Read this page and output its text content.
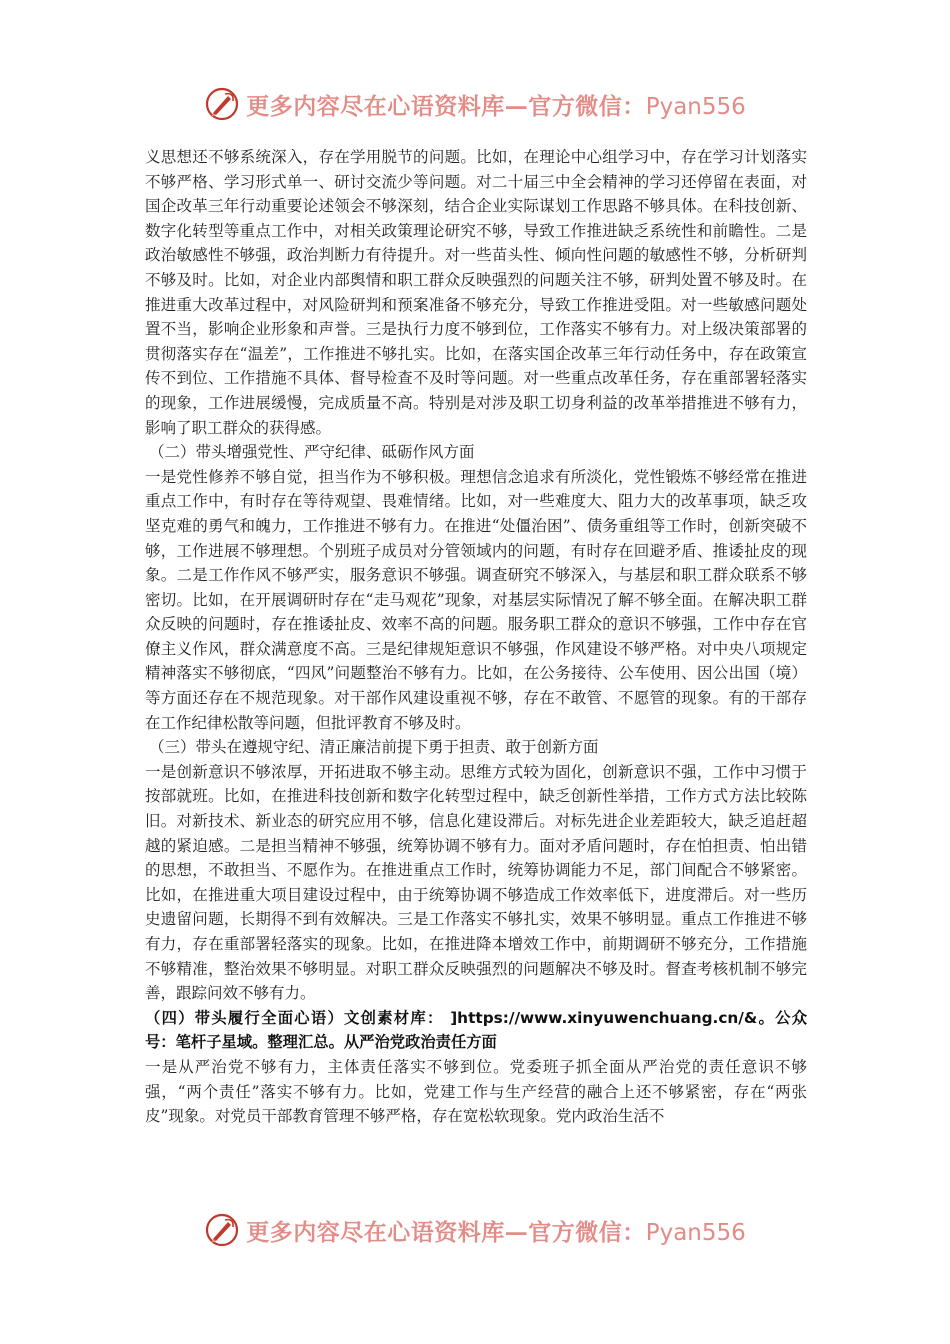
更多内容尽在心语资料库—官方微信：Pyan556

义思想还不够系统深入，存在学用脱节的问题。比如，在理论中心组学习中，存在学习计划落实不够严格、学习形式单一、研讨交流少等问题。对二十届三中全会精神的学习还停留在表面，对国企改革三年行动重要论述领会不够深刻，结合企业实际谋划工作思路不够具体。在科技创新、数字化转型等重点工作中，对相关政策理论研究不够，导致工作推进缺乏系统性和前瞻性。二是政治敏感性不够强，政治判断力有待提升。对一些苗头性、倾向性问题的敏感性不够，分析研判不够及时。比如，对企业内部舆情和职工群众反映强烈的问题关注不够，研判处置不够及时。在推进重大改革过程中，对风险研判和预案准备不够充分，导致工作推进受阻。对一些敏感问题处置不当，影响企业形象和声誉。三是执行力度不够到位，工作落实不够有力。对上级决策部署的贯彻落实存在“温差”，工作推进不够扎实。比如，在落实国企改革三年行动任务中，存在政策宣传不到位、工作措施不具体、督导检查不及时等问题。对一些重点改革任务，存在重部署轻落实的现象，工作进展缓慢，完成质量不高。特别是对涉及职工切身利益的改革举措推进不够有力，影响了职工群众的获得感。

（二）带头增强党性、严守纪律、砥砺作风方面

一是党性修养不够自觉，担当作为不够积极。理想信念追求有所淡化，党性锻炼不够经常在推进重点工作中，有时存在等待观望、畏难情绪。比如，对一些难度大、阻力大的改革事项，缺乏攻坚克难的勇气和魄力，工作推进不够有力。在推进“处僵治困”、债务重组等工作时，创新突破不够，工作进展不够理想。个别班子成员对分管领域内的问题，有时存在回避矛盾、推诿扯皮的现象。二是工作作风不够严实，服务意识不够强。调查研究不够深入，与基层和职工群众联系不够密切。比如，在开展调研时存在“走马观花”现象，对基层实际情况了解不够全面。在解决职工群众反映的问题时，存在推诿扯皮、效率不高的问题。服务职工群众的意识不够强，工作中存在官僚主义作风，群众满意度不高。三是纪律规矩意识不够强，作风建设不够严格。对中央八项规定精神落实不够彻底，“四风”问题整治不够有力。比如，在公务接待、公车使用、因公出国（境）等方面还存在不规范现象。对干部作风建设重视不够，存在不敢管、不愿管的现象。有的干部存在工作纪律松散等问题，但批评教育不够及时。

（三）带头在遵规守纪、清正廉洁前提下勇于担责、敢于创新方面

一是创新意识不够浓厚，开拓进取不够主动。思维方式较为固化，创新意识不强，工作中习惯于按部就班。比如，在推进科技创新和数字化转型过程中，缺乏创新性举措，工作方式方法比较陈旧。对新技术、新业态的研究应用不够，信息化建设滞后。对标先进企业差距较大，缺乏追赶超越的紧迫感。二是担当精神不够强，统筹协调不够有力。面对矛盾问题时，存在怕担责、怕出错的思想，不敢担当、不愿作为。在推进重点工作时，统筹协调能力不足，部门间配合不够紧密。比如，在推进重大项目建设过程中，由于统筹协调不够造成工作效率低下，进度滞后。对一些历史遗留问题，长期得不到有效解决。三是工作落实不够扎实，效果不够明显。重点工作推进不够有力，存在重部署轻落实的现象。比如，在推进降本增效工作中，前期调研不够充分，工作措施不够精准，整治效果不够明显。对职工群众反映强烈的问题解决不够及时。督查考核机制不够完善，跟踪问效不够有力。

（四）带头履行全面心语）文创素材库： ]https://www.xinyuwenchuang.cn/&。公众号：笔杆子星域。整理汇总。从严治党政治责任方面

一是从严治党不够有力，主体责任落实不够到位。党委班子抓全面从严治党的责任意识不够强，“两个责任”落实不够有力。比如，党建工作与生产经营的融合上还不够紧密，存在“两张皮”现象。对党员干部教育管理不够严格，存在宽松软现象。党内政治生活不

更多内容尽在心语资料库—官方微信：Pyan556
